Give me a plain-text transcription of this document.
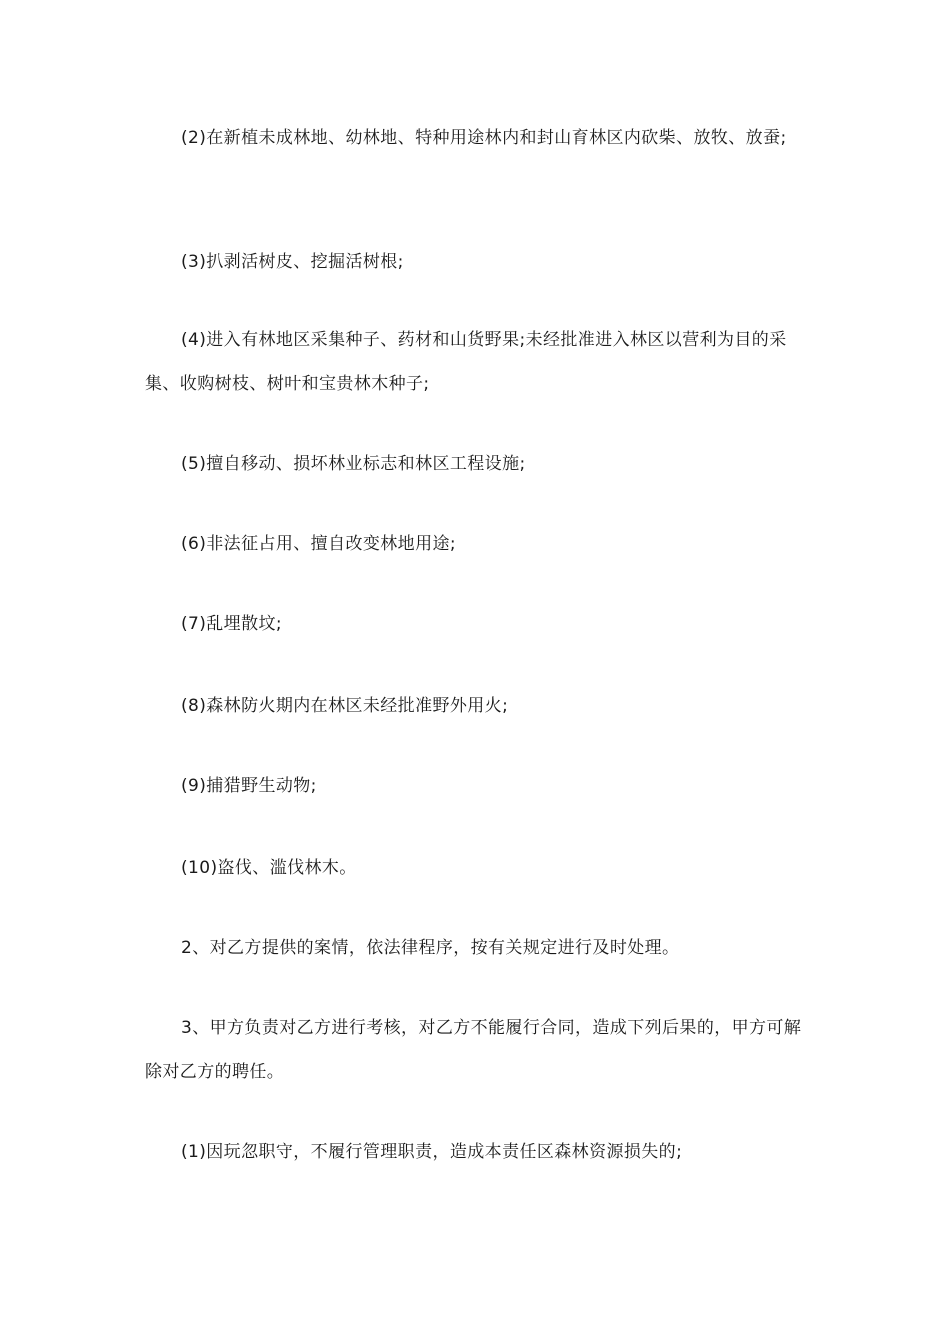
(2)在新植未成林地、幼林地、特种用途林内和封山育林区内砍柴、放牧、放蚕;

(3)扒剥活树皮、挖掘活树根;

(4)进入有林地区采集种子、药材和山货野果;未经批准进入林区以营利为目的采集、收购树枝、树叶和宝贵林木种子;

(5)擅自移动、损坏林业标志和林区工程设施;

(6)非法征占用、擅自改变林地用途;

(7)乱埋散坟;

(8)森林防火期内在林区未经批准野外用火;

(9)捕猎野生动物;

(10)盗伐、滥伐林木。

2、对乙方提供的案情，依法律程序，按有关规定进行及时处理。

3、甲方负责对乙方进行考核，对乙方不能履行合同，造成下列后果的，甲方可解除对乙方的聘任。

(1)因玩忽职守，不履行管理职责，造成本责任区森林资源损失的;
